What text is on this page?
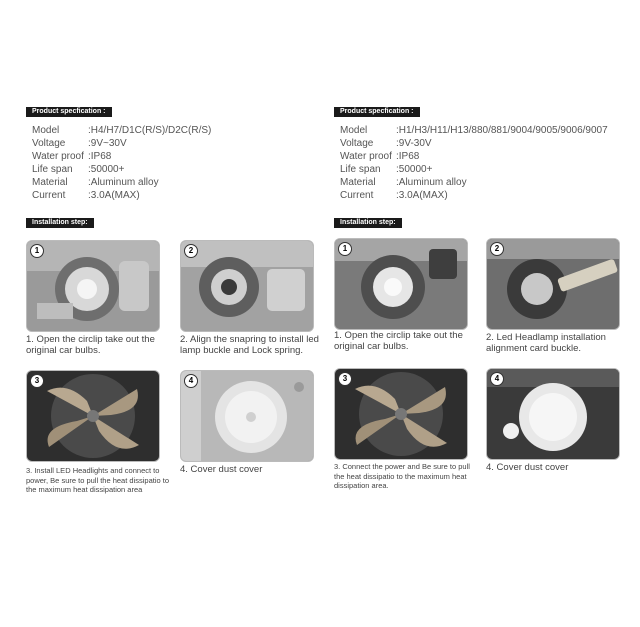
Product specfication :
Model	:H4/H7/D1C(R/S)/D2C(R/S)
Voltage	:9V~30V
Water proof :IP68
Life span	:50000+
Material	:Aluminum alloy
Current	:3.0A(MAX)
Installation step:
1
1. Open the circlip take out the original car bulbs.
2
2. Align the snapring to install led lamp buckle and Lock spring.
3
3. Install LED Headlights and connect to power, Be sure to pull the heat dissipatio to the maximum heat dissipation area
4
4. Cover dust cover
Product specfication :
Model	:H1/H3/H11/H13/880/881/9004/9005/9006/9007
Voltage	:9V-30V
Water proof :IP68
Life span	:50000+
Material	:Aluminum alloy
Current	:3.0A(MAX)
Installation step:
1
1. Open the circlip take out the original car bulbs.
2
2. Led Headlamp installation alignment card buckle.
3
3. Connect the power and Be sure to pull the heat dissipatio to the maximum heat dissipation area.
4
4. Cover dust cover
